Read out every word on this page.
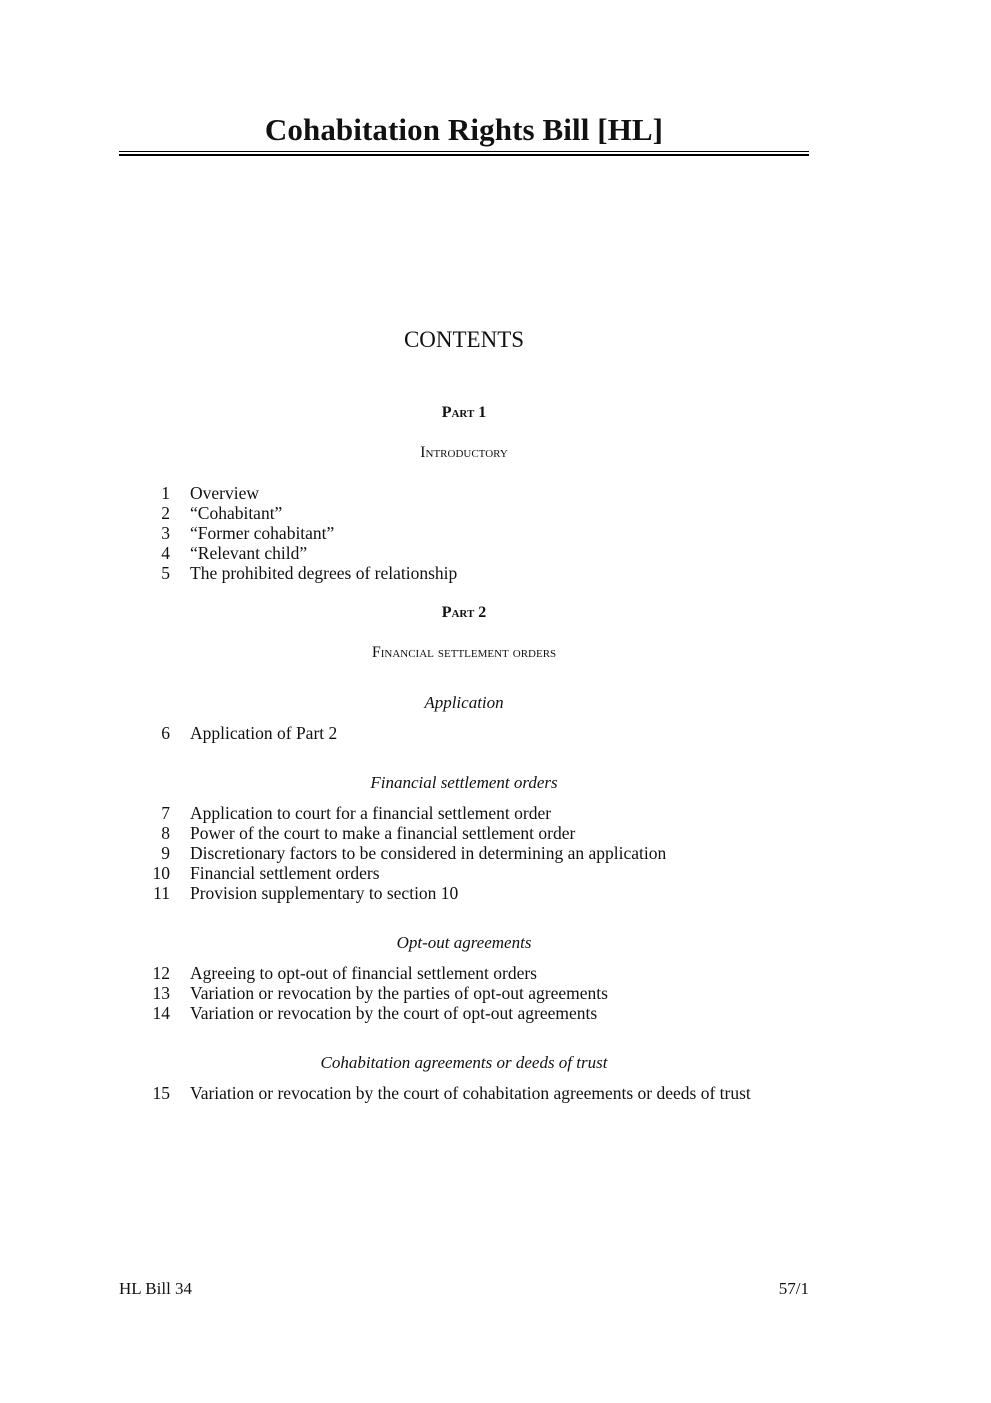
Cohabitation Rights Bill [HL]
CONTENTS
Part 1
Introductory
1 Overview
2 “Cohabitant”
3 “Former cohabitant”
4 “Relevant child”
5 The prohibited degrees of relationship
Part 2
Financial settlement orders
Application
6 Application of Part 2
Financial settlement orders
7 Application to court for a financial settlement order
8 Power of the court to make a financial settlement order
9 Discretionary factors to be considered in determining an application
10 Financial settlement orders
11 Provision supplementary to section 10
Opt-out agreements
12 Agreeing to opt-out of financial settlement orders
13 Variation or revocation by the parties of opt-out agreements
14 Variation or revocation by the court of opt-out agreements
Cohabitation agreements or deeds of trust
15 Variation or revocation by the court of cohabitation agreements or deeds of trust
HL Bill 34	57/1
